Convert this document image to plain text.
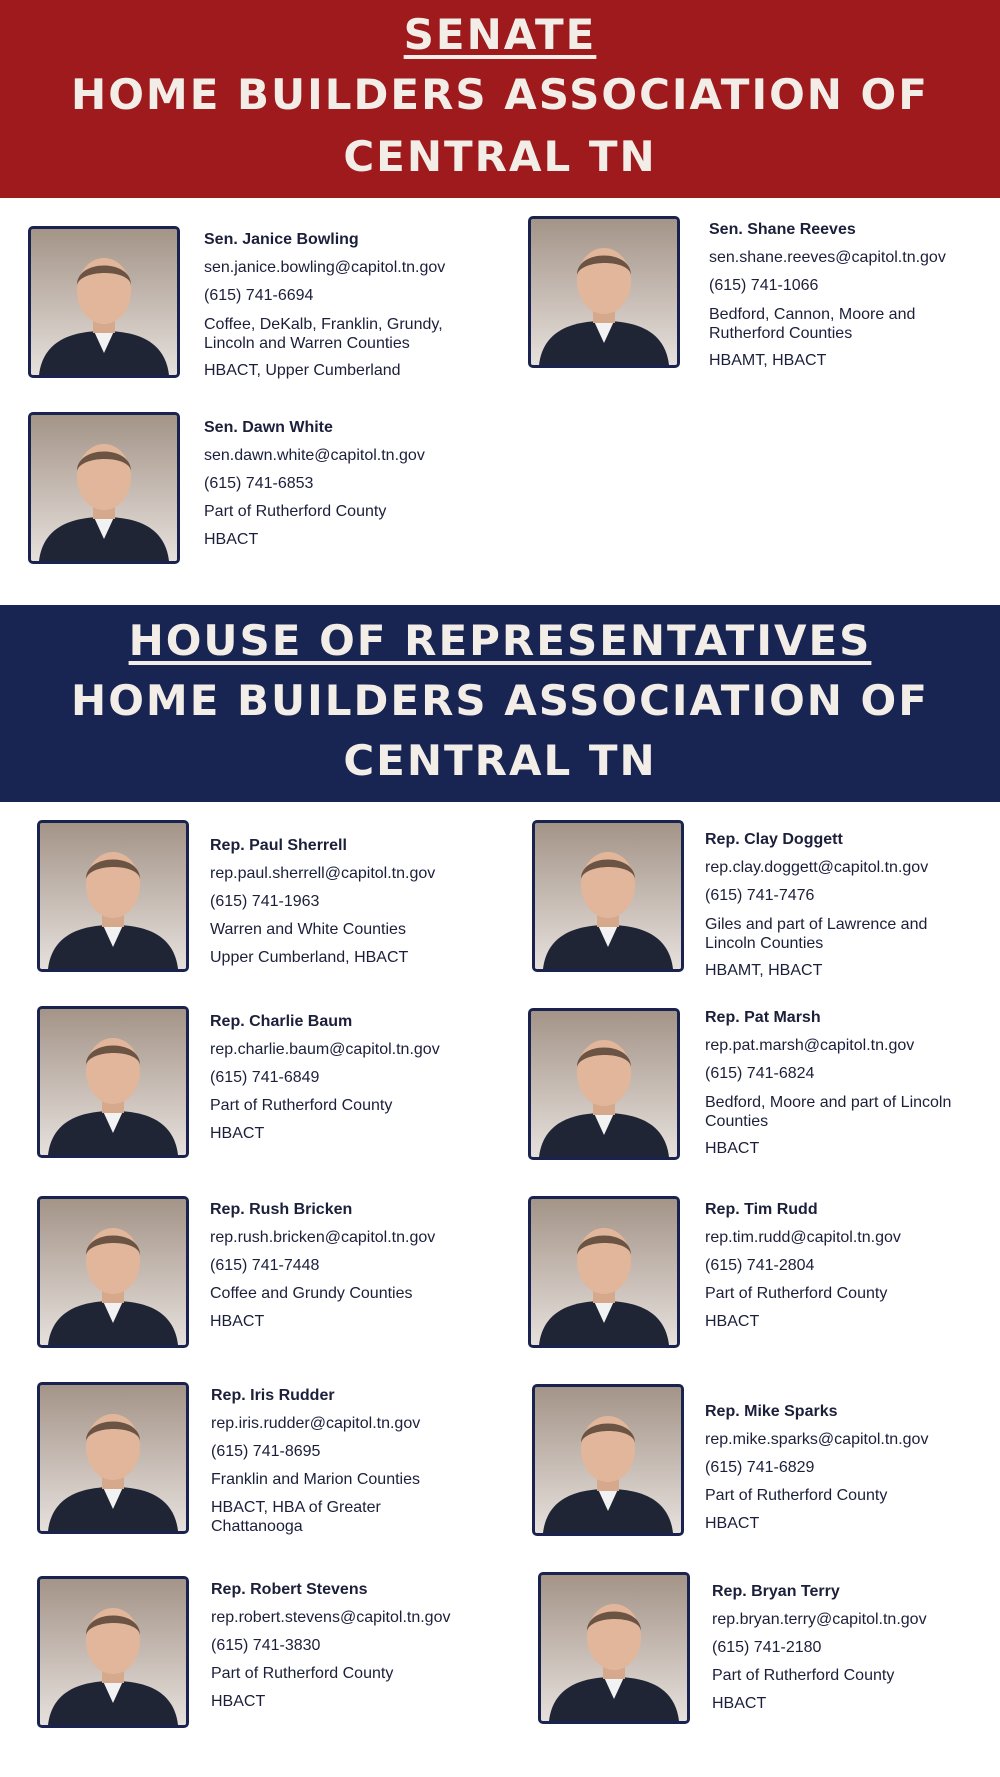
SENATE
HOME BUILDERS ASSOCIATION OF
CENTRAL TN
Sen. Janice Bowling
sen.janice.bowling@capitol.tn.gov
(615) 741-6694
Coffee, DeKalb, Franklin, Grundy, Lincoln and Warren Counties
HBACT, Upper Cumberland
Sen. Shane Reeves
sen.shane.reeves@capitol.tn.gov
(615) 741-1066
Bedford, Cannon, Moore and Rutherford Counties
HBAMT, HBACT
Sen. Dawn White
sen.dawn.white@capitol.tn.gov
(615) 741-6853
Part of Rutherford County
HBACT
HOUSE OF REPRESENTATIVES
HOME BUILDERS ASSOCIATION OF
CENTRAL TN
Rep. Paul Sherrell
rep.paul.sherrell@capitol.tn.gov
(615) 741-1963
Warren and White Counties
Upper Cumberland, HBACT
Rep. Clay Doggett
rep.clay.doggett@capitol.tn.gov
(615) 741-7476
Giles and part of Lawrence and Lincoln Counties
HBAMT, HBACT
Rep. Charlie Baum
rep.charlie.baum@capitol.tn.gov
(615) 741-6849
Part of Rutherford County
HBACT
Rep. Pat Marsh
rep.pat.marsh@capitol.tn.gov
(615) 741-6824
Bedford, Moore and part of Lincoln Counties
HBACT
Rep. Rush Bricken
rep.rush.bricken@capitol.tn.gov
(615) 741-7448
Coffee and Grundy Counties
HBACT
Rep. Tim Rudd
rep.tim.rudd@capitol.tn.gov
(615) 741-2804
Part of Rutherford County
HBACT
Rep. Iris Rudder
rep.iris.rudder@capitol.tn.gov
(615) 741-8695
Franklin and Marion Counties
HBACT, HBA of Greater Chattanooga
Rep. Mike Sparks
rep.mike.sparks@capitol.tn.gov
(615) 741-6829
Part of Rutherford County
HBACT
Rep. Robert Stevens
rep.robert.stevens@capitol.tn.gov
(615) 741-3830
Part of Rutherford County
HBACT
Rep. Bryan Terry
rep.bryan.terry@capitol.tn.gov
(615) 741-2180
Part of Rutherford County
HBACT
